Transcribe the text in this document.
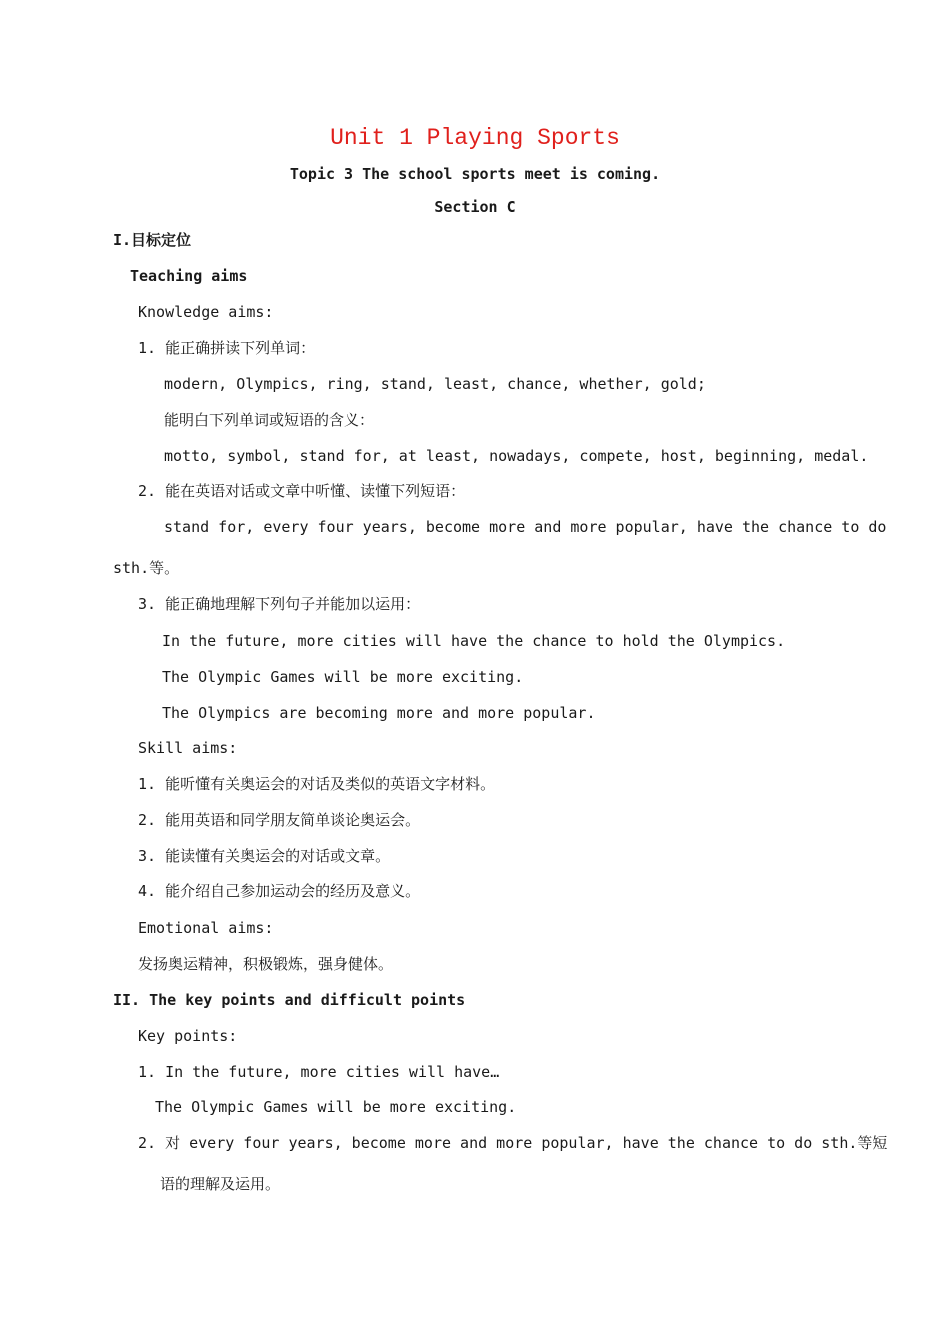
Unit 1 Playing Sports
Topic 3 The school sports meet is coming.
Section C
I.目标定位
Teaching aims
Knowledge aims:
1. 能正确拼读下列单词：
modern, Olympics, ring, stand, least, chance, whether, gold;
能明白下列单词或短语的含义：
motto, symbol, stand for, at least, nowadays, compete, host, beginning, medal.
2. 能在英语对话或文章中听懂、读懂下列短语：
stand for, every four years, become more and more popular, have the chance to do
sth.等。
3. 能正确地理解下列句子并能加以运用：
In the future, more cities will have the chance to hold the Olympics.
The Olympic Games will be more exciting.
The Olympics are becoming more and more popular.
Skill aims:
1. 能听懂有关奥运会的对话及类似的英语文字材料。
2. 能用英语和同学朋友简单谈论奥运会。
3. 能读懂有关奥运会的对话或文章。
4. 能介绍自己参加运动会的经历及意义。
Emotional aims:
发扬奥运精神，积极锻炼，强身健体。
II. The key points and difficult points
Key points:
1. In the future, more cities will have…
The Olympic Games will be more exciting.
2. 对 every four years, become more and more popular, have the chance to do sth.等短
语的理解及运用。
